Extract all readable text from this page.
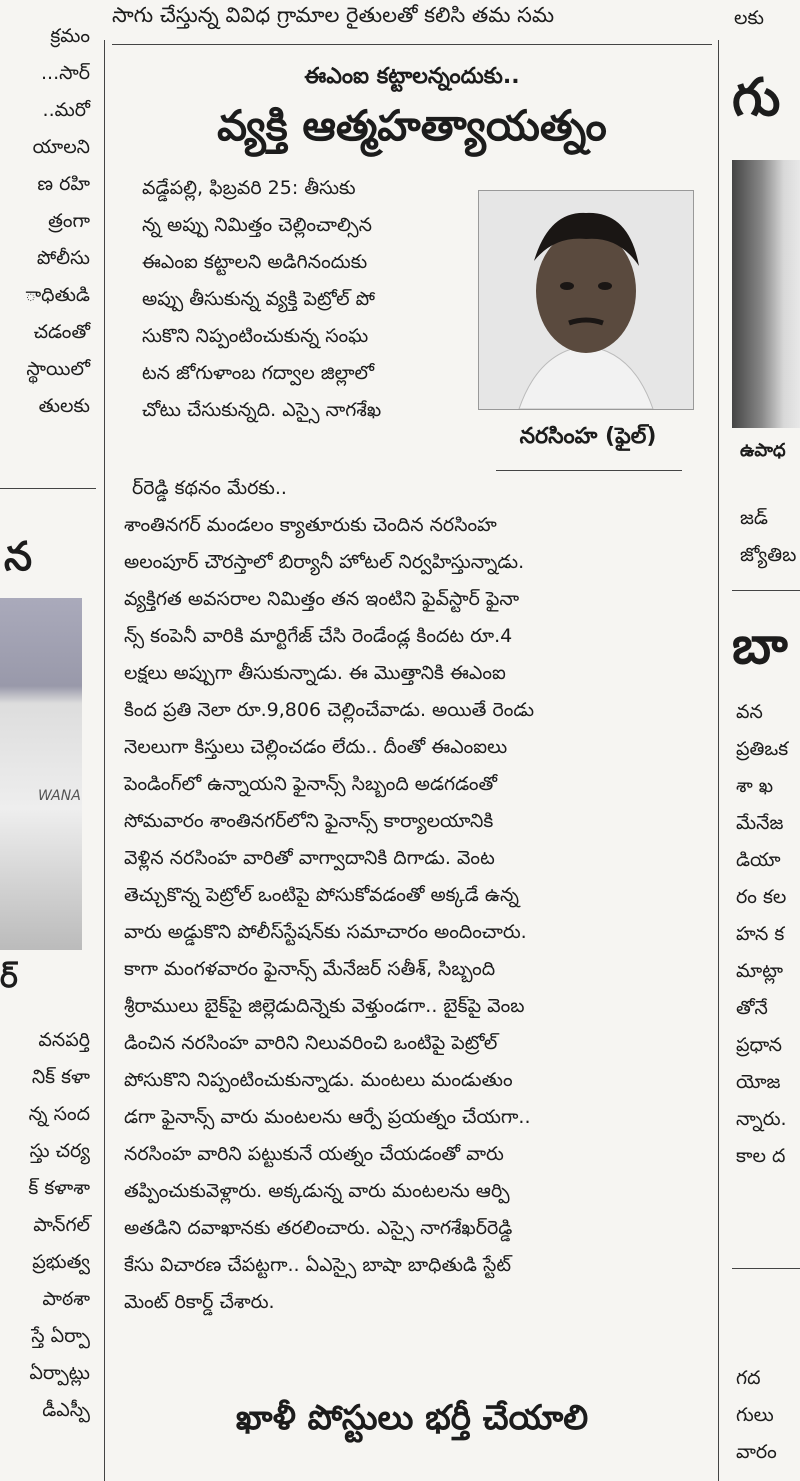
క్రమం
...సార్
..మరో
యాలని
ణ రహి
త్రంగా
పోలీసు
ాధితుడి
చడంతో
స్థాయిలో
తులకు
న
WANA
ర్
వనపర్తి
నిక్ కళా
న్న సంద
స్తు చర్య
క్ కళాశా
పాన్‌గల్
ప్రభుత్వ
పాఠశా
స్తే ఏర్పా
ఏర్పాట్లు
డీఎస్పీ
సాగు చేస్తున్న వివిధ గ్రామాల రైతులతో కలిసి తమ సమ
ఈఎంఐ కట్టాలన్నందుకు..
వ్యక్తి ఆత్మహత్యాయత్నం
నరసింహ (ఫైల్)
వడ్డేపల్లి, ఫిబ్రవరి 25: తీసుకు
న్న అప్పు నిమిత్తం చెల్లించాల్సిన
ఈఎంఐ కట్టాలని అడిగినందుకు
అప్పు తీసుకున్న వ్యక్తి పెట్రోల్ పో
సుకొని నిప్పంటించుకున్న సంఘ
టన జోగుళాంబ గద్వాల జిల్లాలో
చోటు చేసుకున్నది. ఎస్సై నాగశేఖ
ర్‌రెడ్డి కథనం మేరకు..
శాంతినగర్ మండలం క్యాతూరుకు చెందిన నరసింహ
అలంపూర్ చౌరస్తాలో బిర్యానీ హోటల్ నిర్వహిస్తున్నాడు.
వ్యక్తిగత అవసరాల నిమిత్తం తన ఇంటిని ఫైవ్‌స్టార్ ఫైనా
న్స్ కంపెనీ వారికి మార్టిగేజ్ చేసి రెండేండ్ల కిందట రూ.4
లక్షలు అప్పుగా తీసుకున్నాడు. ఈ మొత్తానికి ఈఎంఐ
కింద ప్రతి నెలా రూ.9,806 చెల్లించేవాడు. అయితే రెండు
నెలలుగా కిస్తులు చెల్లించడం లేదు.. దీంతో ఈఎంఐలు
పెండింగ్‌లో ఉన్నాయని ఫైనాన్స్ సిబ్బంది అడగడంతో
సోమవారం శాంతినగర్‌లోని ఫైనాన్స్ కార్యాలయానికి
వెళ్లిన నరసింహ వారితో వాగ్వాదానికి దిగాడు. వెంట
తెచ్చుకొన్న పెట్రోల్ ఒంటిపై పోసుకోవడంతో అక్కడే ఉన్న
వారు అడ్డుకొని పోలీస్‌స్టేషన్‌కు సమాచారం అందించారు.
కాగా మంగళవారం ఫైనాన్స్ మేనేజర్ సతీశ్, సిబ్బంది
శ్రీరాములు బైక్‌పై జిల్లెడుదిన్నెకు వెళ్తుండగా.. బైక్‌పై వెంబ
డించిన నరసింహ వారిని నిలువరించి ఒంటిపై పెట్రోల్
పోసుకొని నిప్పంటించుకున్నాడు. మంటలు మండుతుం
డగా ఫైనాన్స్ వారు మంటలను ఆర్పే ప్రయత్నం చేయగా..
నరసింహ వారిని పట్టుకునే యత్నం చేయడంతో వారు
తప్పించుకువెళ్లారు. అక్కడున్న వారు మంటలను ఆర్పి
అతడిని దవాఖానకు తరలించారు. ఎస్సై నాగశేఖర్‌రెడ్డి
కేసు విచారణ చేపట్టగా.. ఏఎస్సై బాషా బాధితుడి స్టేట్
మెంట్ రికార్డ్ చేశారు.
ఖాళీ పోస్టులు భర్తీ చేయాలి
లకు
గు
ఉపాధ
జడ్
జ్యోతిబ
బా
వన
ప్రతిఒక
శా ఖ
మేనేజ
డియా
రం కల
హన క
మాట్లా
తోనే
ప్రధాన
యోజ
న్నారు.
కాల ద
గద
గులు
వారం
